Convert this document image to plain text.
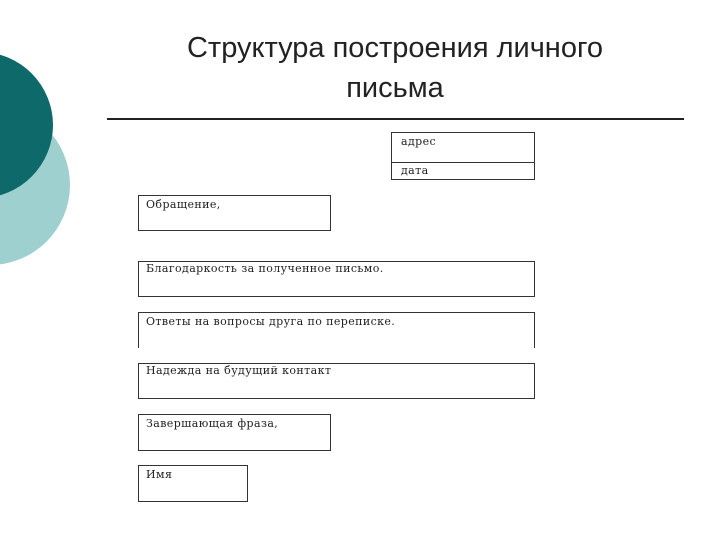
Структура построения личного
письма
адрес
дата
Обращение,
Благодаркость за полученное письмо.
Ответы на вопросы друга по переписке.
Надежда на будущий контакт
Завершающая фраза,
Имя
